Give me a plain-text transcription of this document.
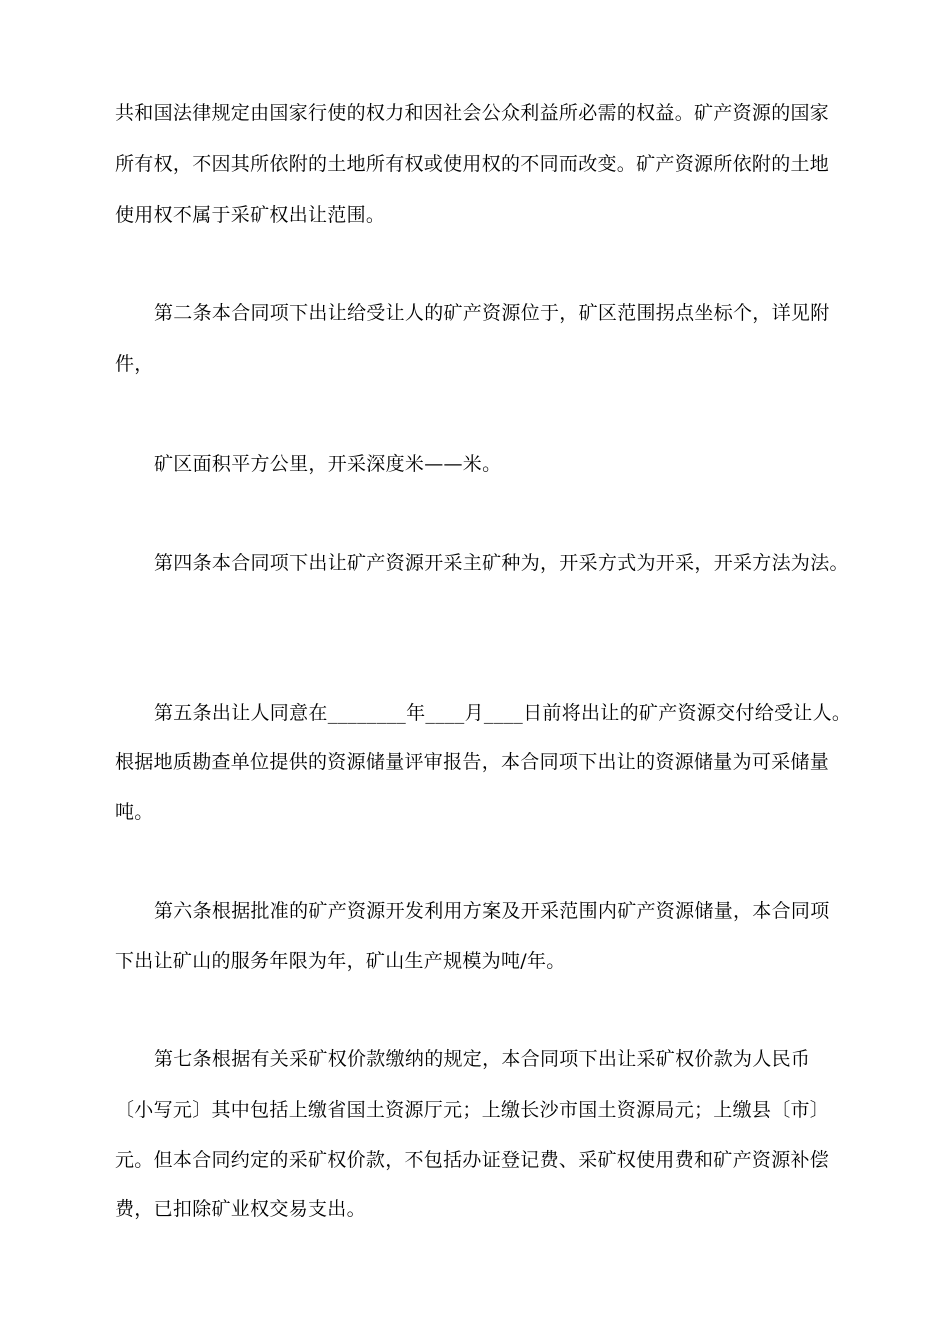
共和国法律规定由国家行使的权力和因社会公众利益所必需的权益。矿产资源的国家
所有权，不因其所依附的土地所有权或使用权的不同而改变。矿产资源所依附的土地
使用权不属于采矿权出让范围。
第二条本合同项下出让给受让人的矿产资源位于，矿区范围拐点坐标个，详见附
件，
矿区面积平方公里，开采深度米——米。
第四条本合同项下出让矿产资源开采主矿种为，开采方式为开采，开采方法为法。
第五条出让人同意在________年____月____日前将出让的矿产资源交付给受让人。
根据地质勘查单位提供的资源储量评审报告，本合同项下出让的资源储量为可采储量
吨。
第六条根据批准的矿产资源开发利用方案及开采范围内矿产资源储量，本合同项
下出让矿山的服务年限为年，矿山生产规模为吨/年。
第七条根据有关采矿权价款缴纳的规定，本合同项下出让采矿权价款为人民币
〔小写元〕其中包括上缴省国土资源厅元；上缴长沙市国土资源局元；上缴县〔市〕
元。但本合同约定的采矿权价款，不包括办证登记费、采矿权使用费和矿产资源补偿
费，已扣除矿业权交易支出。
